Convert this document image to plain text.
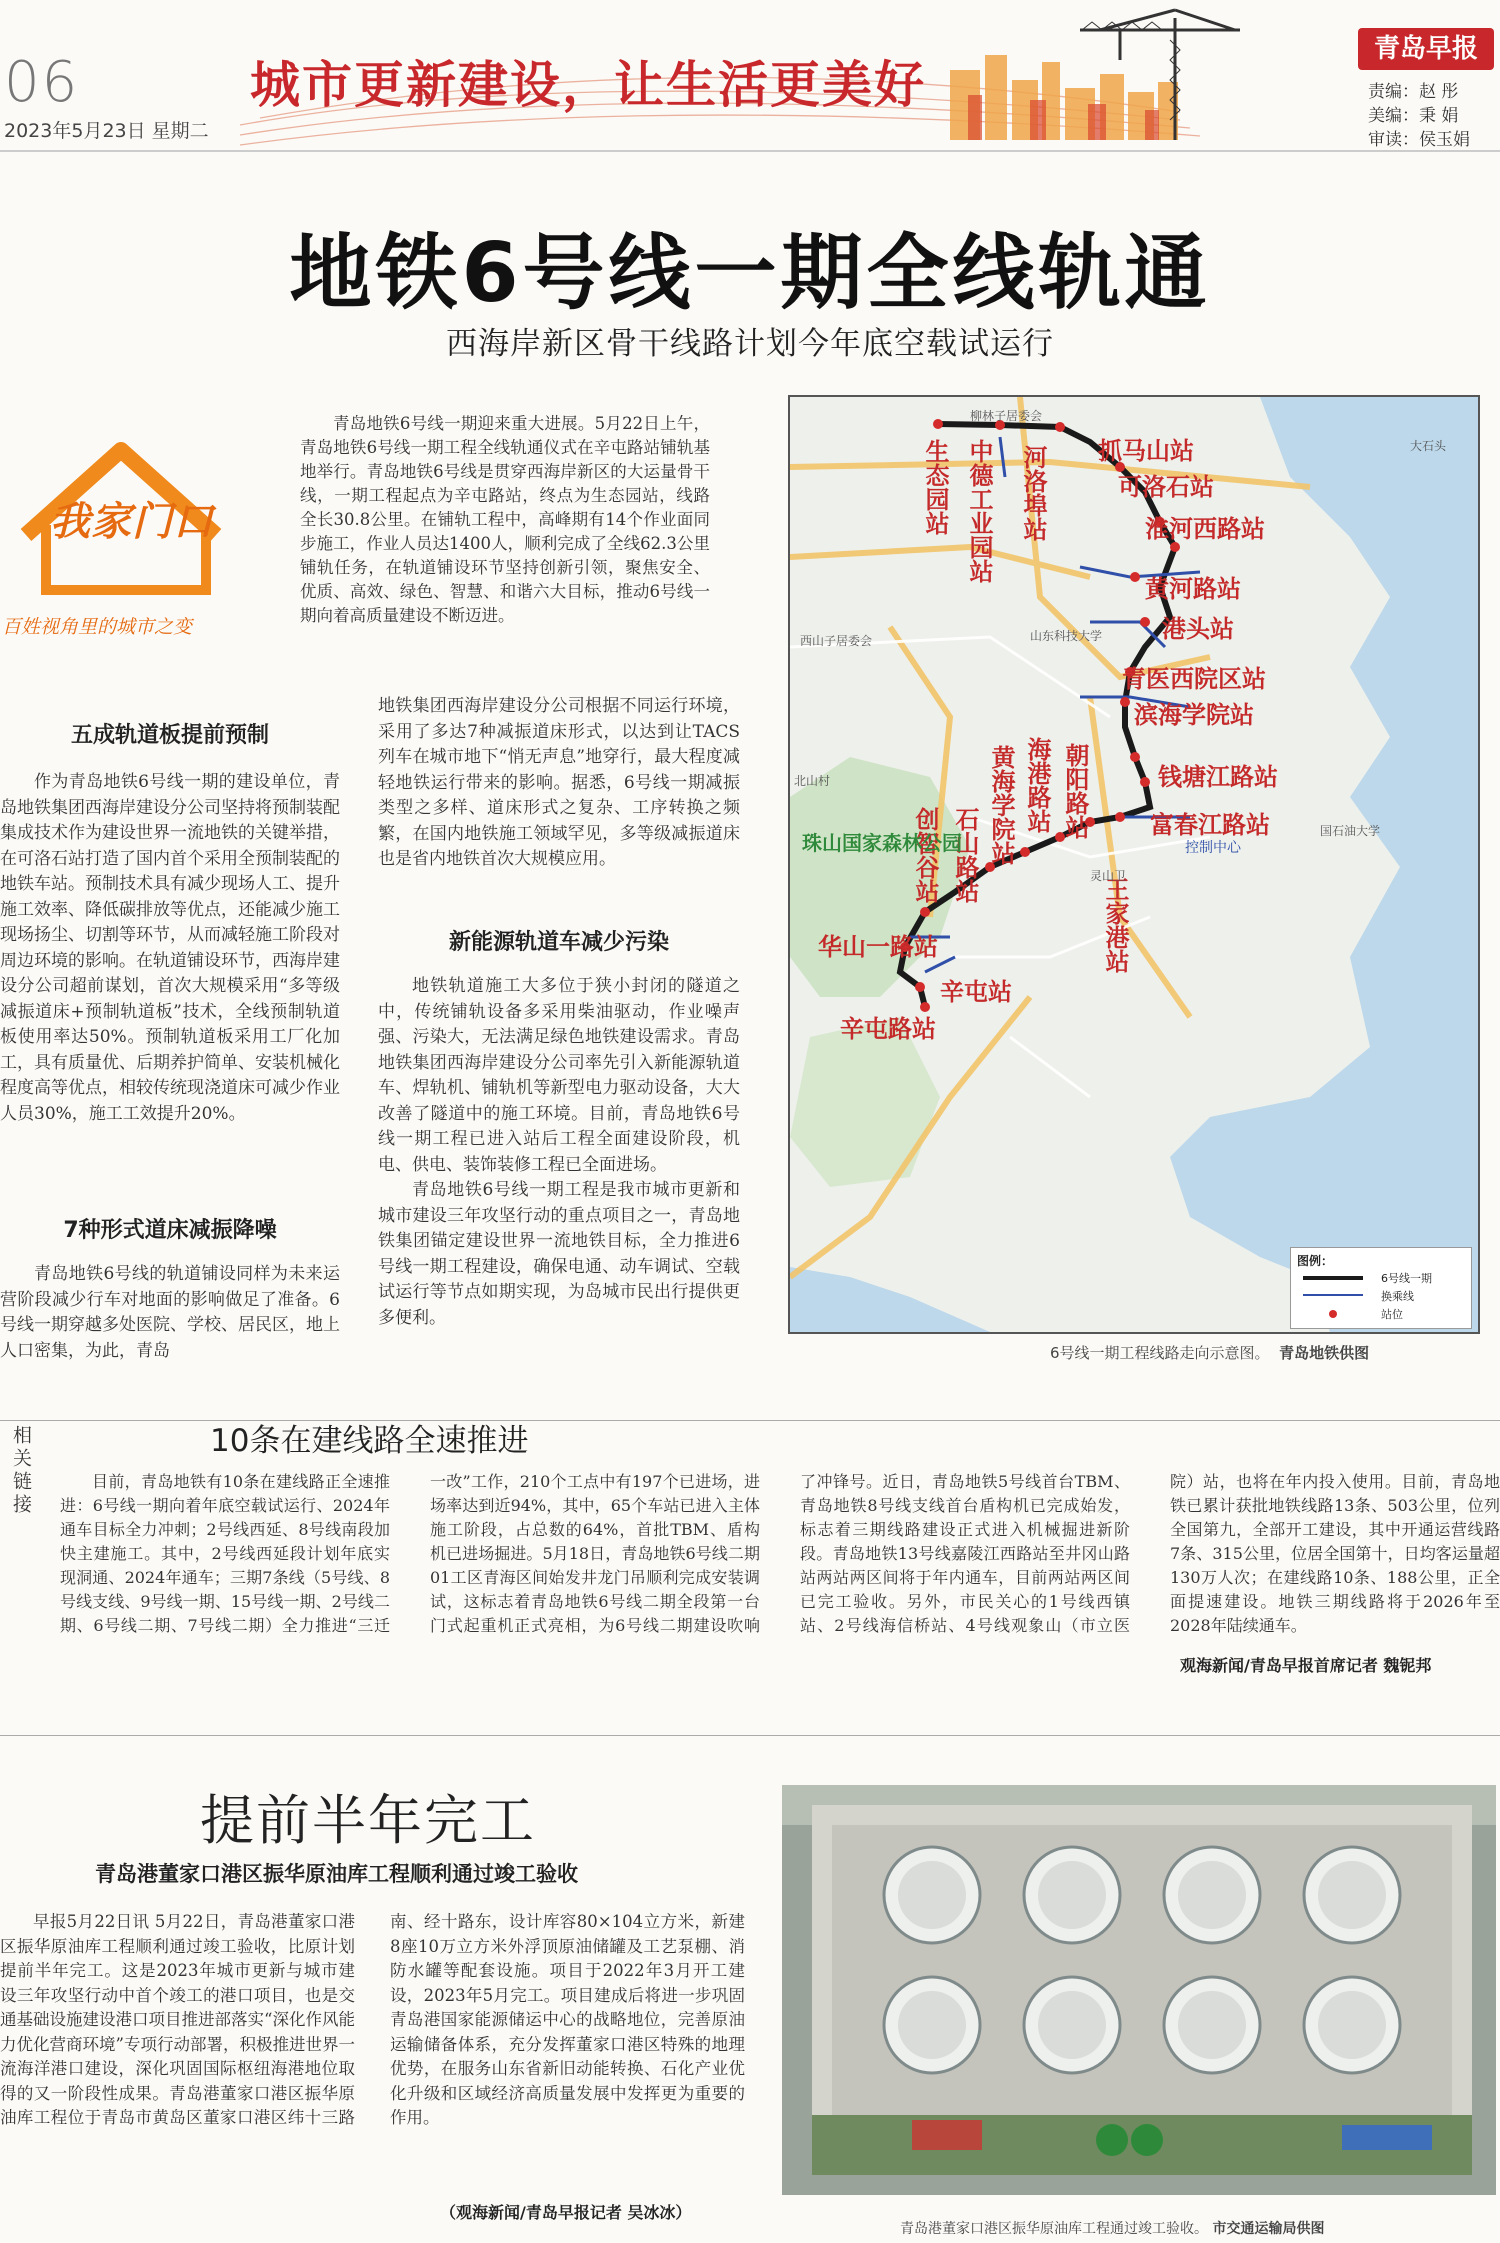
06
2023年5月23日 星期二
城市更新建设，让生活更美好
青岛早报
责编：赵 彤
美编：秉 娟
审读：侯玉娟
地铁6号线一期全线轨通
西海岸新区骨干线路计划今年底空载试运行
我家门口
百姓视角里的城市之变

青岛地铁6号线一期迎来重大进展。5月22日上午，青岛地铁6号线一期工程全线轨通仪式在辛屯路站铺轨基地举行。青岛地铁6号线是贯穿西海岸新区的大运量骨干线，一期工程起点为辛屯路站，终点为生态园站，线路全长30.8公里。在铺轨工程中，高峰期有14个作业面同步施工，作业人员达1400人，顺利完成了全线62.3公里铺轨任务，在轨道铺设环节坚持创新引领，聚焦安全、优质、高效、绿色、智慧、和谐六大目标，推动6号线一期向着高质量建设不断迈进。

五成轨道板提前预制

作为青岛地铁6号线一期的建设单位，青岛地铁集团西海岸建设分公司坚持将预制装配集成技术作为建设世界一流地铁的关键举措，在可洛石站打造了国内首个采用全预制装配的地铁车站。预制技术具有减少现场人工、提升施工效率、降低碳排放等优点，还能减少施工现场扬尘、切割等环节，从而减轻施工阶段对周边环境的影响。在轨道铺设环节，西海岸建设分公司超前谋划，首次大规模采用“多等级减振道床+预制轨道板”技术，全线预制轨道板使用率达50%。预制轨道板采用工厂化加工，具有质量优、后期养护简单、安装机械化程度高等优点，相较传统现浇道床可减少作业人员30%，施工工效提升20%。

7种形式道床减振降噪

青岛地铁6号线的轨道铺设同样为未来运营阶段减少行车对地面的影响做足了准备。6号线一期穿越多处医院、学校、居民区，地上人口密集，为此，青岛

地铁集团西海岸建设分公司根据不同运行环境，采用了多达7种减振道床形式，以达到让TACS列车在城市地下“悄无声息”地穿行，最大程度减轻地铁运行带来的影响。据悉，6号线一期减振类型之多样、道床形式之复杂、工序转换之频繁，在国内地铁施工领域罕见，多等级减振道床也是省内地铁首次大规模应用。

新能源轨道车减少污染

地铁轨道施工大多位于狭小封闭的隧道之中，传统铺轨设备多采用柴油驱动，作业噪声强、污染大，无法满足绿色地铁建设需求。青岛地铁集团西海岸建设分公司率先引入新能源轨道车、焊轨机、铺轨机等新型电力驱动设备，大大改善了隧道中的施工环境。目前，青岛地铁6号线一期工程已进入站后工程全面建设阶段，机电、供电、装饰装修工程已全面进场。

青岛地铁6号线一期工程是我市城市更新和城市建设三年攻坚行动的重点项目之一，青岛地铁集团锚定建设世界一流地铁目标，全力推进6号线一期工程建设，确保电通、动车调试、空载试运行等节点如期实现，为岛城市民出行提供更多便利。

生态园站 中德工业园站 河洛埠站 抓马山站
可洛石站
淮河西路站
黄河路站
港头站
青医西院区站
滨海学院站
钱塘江路站
富春江路站
王家港站
朝阳路站
海港路站
黄海学院站
石山路站
创智谷站
华山一路站
辛屯站
辛屯路站
珠山国家森林公园	控制中心
柳林子居委会
大石头
山东科技大学
西山子居委会
北山村
灵山卫
国石油大学
图例：
6号线一期
换乘线
站位
6号线一期工程线路走向示意图。 青岛地铁供图
相关链接	10条在建线路全速推进

目前，青岛地铁有10条在建线路正全速推进：6号线一期向着年底空载试运行、2024年通车目标全力冲刺；2号线西延、8号线南段加快主建施工。其中，2号线西延段计划年底实现洞通、2024年通车；三期7条线（5号线、8号线支线、9号线一期、15号线一期、2号线二期、6号线二期、7号线二期）全力推进“三迁一改”工作，210个工点中有197个已进场，进场率达到近94%，其中，65个车站已进入主体施工阶段，占总数的64%，首批TBM、盾构机已进场掘进。5月18日，青岛地铁6号线二期01工区青海区间始发井龙门吊顺利完成安装调试，这标志着青岛地铁6号线二期全段第一台门式起重机正式亮相，为6号线二期建设吹响了冲锋号。近日，青岛地铁5号线首台TBM、青岛地铁8号线支线首台盾构机已完成始发，标志着三期线路建设正式进入机械掘进新阶段。青岛地铁13号线嘉陵江西路站至井冈山路站两站两区间将于年内通车，目前两站两区间已完工验收。另外，市民关心的1号线西镇站、2号线海信桥站、4号线观象山（市立医院）站，也将在年内投入使用。目前，青岛地铁已累计获批地铁线路13条、503公里，位列全国第九，全部开工建设，其中开通运营线路7条、315公里，位居全国第十，日均客运量超130万人次；在建线路10条、188公里，正全面提速建设。地铁三期线路将于2026年至2028年陆续通车。

观海新闻/青岛早报首席记者 魏铌邦
提前半年完工
青岛港董家口港区振华原油库工程顺利通过竣工验收

早报5月22日讯 5月22日，青岛港董家口港区振华原油库工程顺利通过竣工验收，比原计划提前半年完工。这是2023年城市更新与城市建设三年攻坚行动中首个竣工的港口项目，也是交通基础设施建设港口项目推进部落实“深化作风能力优化营商环境”专项行动部署，积极推进世界一流海洋港口建设，深化巩固国际枢纽海港地位取得的又一阶段性成果。青岛港董家口港区振华原油库工程位于青岛市黄岛区董家口港区纬十三路南、经十路东，设计库容80×104立方米，新建8座10万立方米外浮顶原油储罐及工艺泵棚、消防水罐等配套设施。项目于2022年3月开工建设，2023年5月完工。项目建成后将进一步巩固青岛港国家能源储运中心的战略地位，完善原油运输储备体系，充分发挥董家口港区特殊的地理优势，在服务山东省新旧动能转换、石化产业优化升级和区域经济高质量发展中发挥更为重要的作用。

（观海新闻/青岛早报记者 吴冰冰）
青岛港董家口港区振华原油库工程通过竣工验收。 市交通运输局供图
